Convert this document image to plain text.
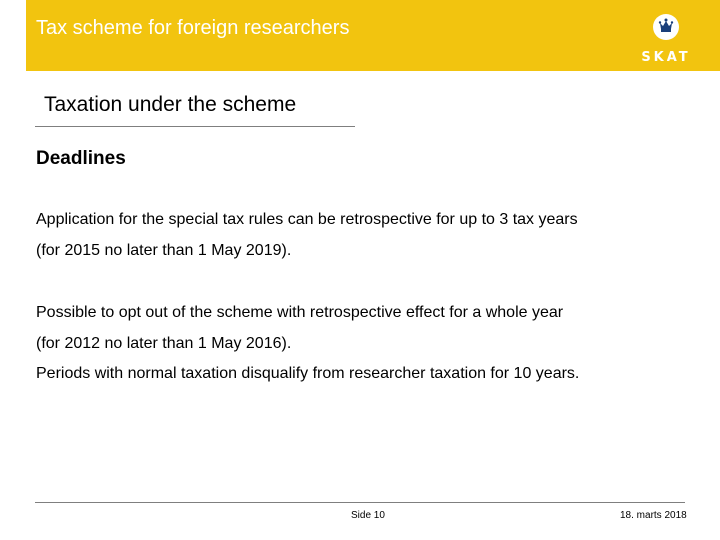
Tax scheme for foreign researchers
SKAT
Taxation under the scheme
Deadlines
Application for the special tax rules can be retrospective for up to 3 tax years
(for 2015 no later than 1 May 2019).
Possible to opt out of the scheme with retrospective effect for a whole year
(for 2012 no later than 1 May 2016).
Periods with normal taxation disqualify from researcher taxation for 10 years.
Side 10	18. marts 2018
